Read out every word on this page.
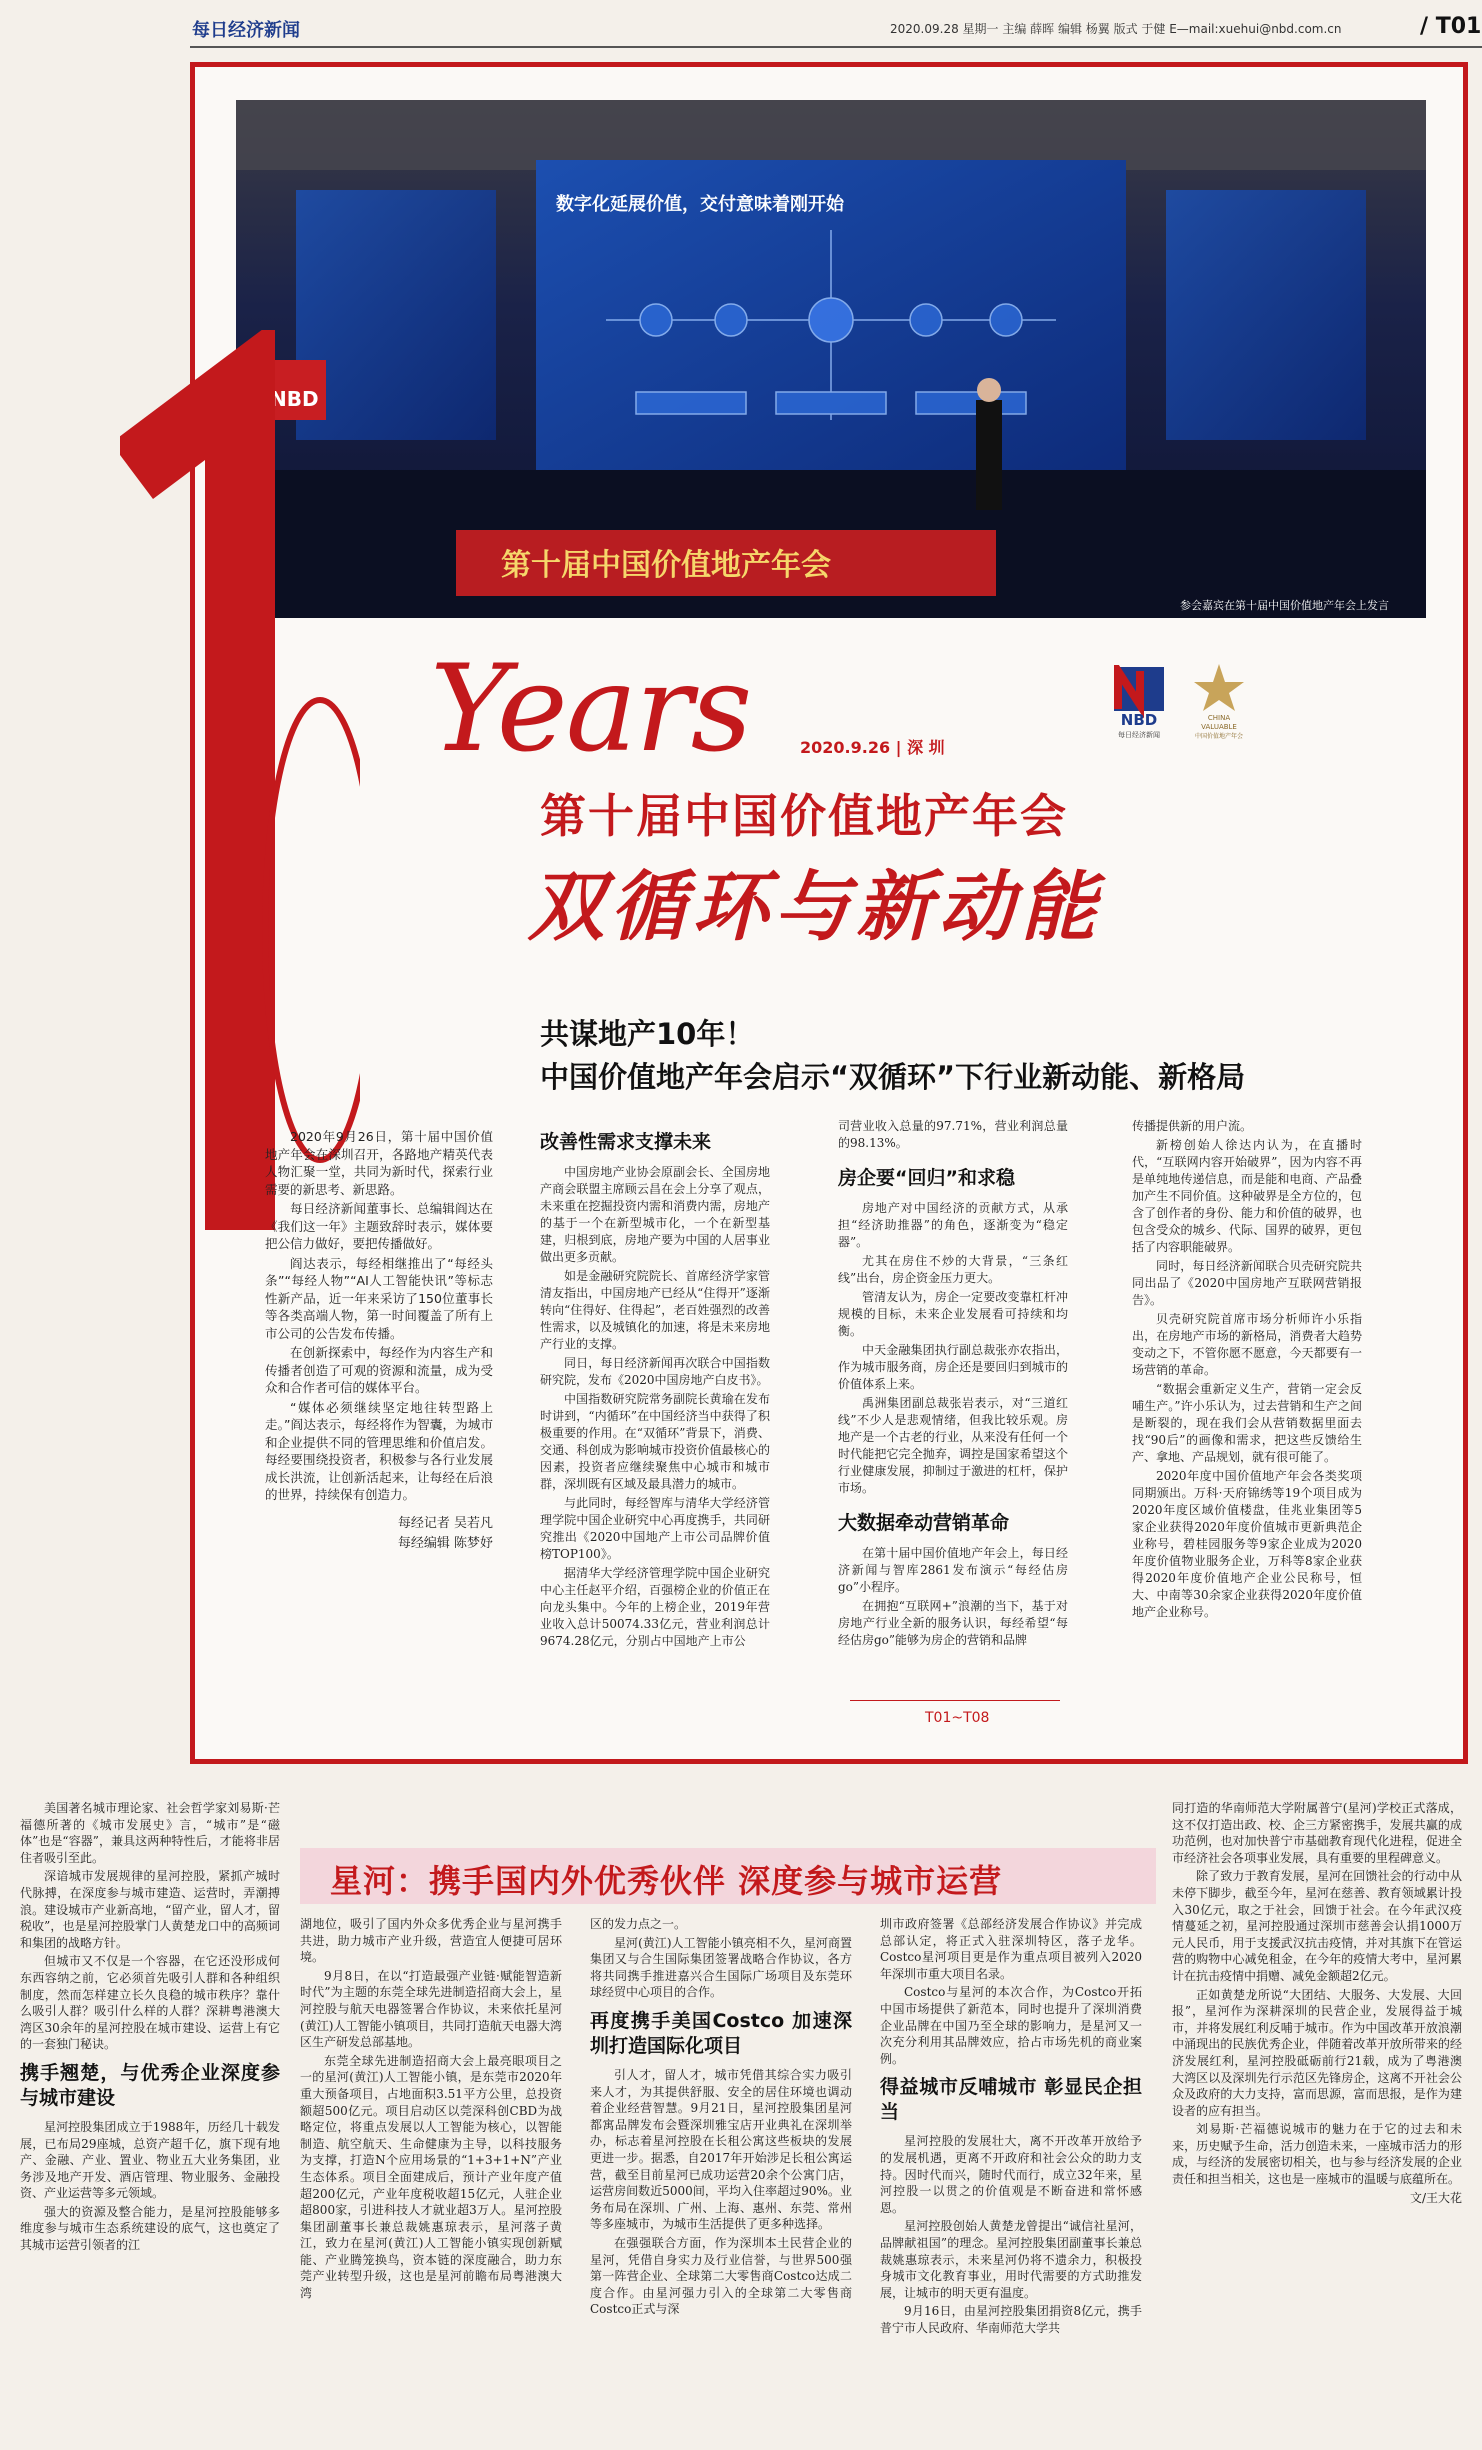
每日经济新闻	2020.09.28 星期一 主编 薛晖 编辑 杨翼 版式 于健 E—mail:xuehui@nbd.com.cn	/ T01
数字化延展价值，交付意味着刚开始
第十届中国价值地产年会
NBD
参会嘉宾在第十届中国价值地产年会上发言
Years	2020.9.26 | 深 圳
NBD
每日经济新闻
CHINA
VALUABLE
中国价值地产年会
第十届中国价值地产年会
双循环与新动能
共谋地产10年！
中国价值地产年会启示“双循环”下行业新动能、新格局

2020年9月26日，第十届中国价值地产年会在深圳召开，各路地产精英代表人物汇聚一堂，共同为新时代，探索行业需要的新思考、新思路。

每日经济新闻董事长、总编辑阎达在《我们这一年》主题致辞时表示，媒体要把公信力做好，要把传播做好。

阎达表示，每经相继推出了“每经头条”“每经人物”“AI人工智能快讯”等标志性新产品，近一年来采访了150位董事长等各类高端人物，第一时间覆盖了所有上市公司的公告发布传播。

在创新探索中，每经作为内容生产和传播者创造了可观的资源和流量，成为受众和合作者可信的媒体平台。

“媒体必须继续坚定地往转型路上走。”阎达表示，每经将作为智囊，为城市和企业提供不同的管理思维和价值启发。每经要围绕投资者，积极参与各行业发展成长洪流，让创新活起来，让每经在后浪的世界，持续保有创造力。

每经记者 吴若凡
每经编辑 陈梦妤
改善性需求支撑未来

中国房地产业协会原副会长、全国房地产商会联盟主席顾云昌在会上分享了观点，未来重在挖掘投资内需和消费内需，房地产的基于一个在新型城市化，一个在新型基建，归根到底，房地产要为中国的人居事业做出更多贡献。

如是金融研究院院长、首席经济学家管清友指出，中国房地产已经从“住得开”逐渐转向“住得好、住得起”，老百姓强烈的改善性需求，以及城镇化的加速，将是未来房地产行业的支撑。

同日，每日经济新闻再次联合中国指数研究院，发布《2020中国房地产白皮书》。

中国指数研究院常务副院长黄瑜在发布时讲到，“内循环”在中国经济当中获得了积极重要的作用。在“双循环”背景下，消费、交通、科创成为影响城市投资价值最核心的因素，投资者应继续聚焦中心城市和城市群，深圳既有区域及最具潜力的城市。

与此同时，每经智库与清华大学经济管理学院中国企业研究中心再度携手，共同研究推出《2020中国地产上市公司品牌价值榜TOP100》。

据清华大学经济管理学院中国企业研究中心主任赵平介绍，百强榜企业的价值正在向龙头集中。今年的上榜企业，2019年营业收入总计50074.33亿元，营业利润总计9674.28亿元，分别占中国地产上市公

司营业收入总量的97.71%，营业利润总量的98.13%。

房企要“回归”和求稳

房地产对中国经济的贡献方式，从承担“经济助推器”的角色，逐渐变为“稳定器”。

尤其在房住不炒的大背景，“三条红线”出台，房企资金压力更大。

管清友认为，房企一定要改变靠杠杆冲规模的目标，未来企业发展看可持续和均衡。

中天金融集团执行副总裁张亦农指出，作为城市服务商，房企还是要回归到城市的价值体系上来。

禹洲集团副总裁张岩表示，对“三道红线”不少人是悲观情绪，但我比较乐观。房地产是一个古老的行业，从来没有任何一个时代能把它完全抛弃，调控是国家希望这个行业健康发展，抑制过于激进的杠杆，保护市场。

大数据牵动营销革命

在第十届中国价值地产年会上，每日经济新闻与智库2861发布演示“每经估房go”小程序。

在拥抱“互联网+”浪潮的当下，基于对房地产行业全新的服务认识，每经希望“每经估房go”能够为房企的营销和品牌

传播提供新的用户流。

新榜创始人徐达内认为，在直播时代，“互联网内容开始破界”，因为内容不再是单纯地传递信息，而是能和电商、产品叠加产生不同价值。这种破界是全方位的，包含了创作者的身份、能力和价值的破界，也包含受众的城乡、代际、国界的破界，更包括了内容职能破界。

同时，每日经济新闻联合贝壳研究院共同出品了《2020中国房地产互联网营销报告》。

贝壳研究院首席市场分析师许小乐指出，在房地产市场的新格局，消费者大趋势变动之下，不管你愿不愿意，今天都要有一场营销的革命。

“数据会重新定义生产，营销一定会反哺生产。”许小乐认为，过去营销和生产之间是断裂的，现在我们会从营销数据里面去找“90后”的画像和需求，把这些反馈给生产、拿地、产品规划，就有很可能了。

2020年度中国价值地产年会各类奖项同期颁出。万科·天府锦绣等19个项目成为2020年度区域价值楼盘，佳兆业集团等5家企业获得2020年度价值城市更新典范企业称号，碧桂园服务等9家企业成为2020年度价值物业服务企业，万科等8家企业获得2020年度价值地产企业公民称号，恒大、中南等30余家企业获得2020年度价值地产企业称号。

T01~T08
星河：携手国内外优秀伙伴 深度参与城市运营

美国著名城市理论家、社会哲学家刘易斯·芒福德所著的《城市发展史》言，“城市”是“磁体”也是“容器”，兼具这两种特性后，才能将非居住者吸引至此。

深谙城市发展规律的星河控股，紧抓产城时代脉搏，在深度参与城市建造、运营时，弄潮搏浪。建设城市产业新高地，“留产业，留人才，留税收”，也是星河控股掌门人黄楚龙口中的高频词和集团的战略方针。

但城市又不仅是一个容器，在它还没形成何东西容纳之前，它必须首先吸引人群和各种组织制度，然而怎样建立长久良稳的城市秩序？靠什么吸引人群？吸引什么样的人群？深耕粤港澳大湾区30余年的星河控股在城市建设、运营上有它的一套独门秘诀。

携手翘楚，与优秀企业深度参与城市建设

星河控股集团成立于1988年，历经几十载发展，已布局29座城，总资产超千亿，旗下现有地产、金融、产业、置业、物业五大业务集团，业务涉及地产开发、酒店管理、物业服务、金融投资、产业运营等多元领域。

强大的资源及整合能力，是星河控股能够多维度参与城市生态系统建设的底气，这也奠定了其城市运营引领者的江

湖地位，吸引了国内外众多优秀企业与星河携手共进，助力城市产业升级，营造宜人便捷可居环境。

9月8日，在以“打造最强产业链·赋能智造新时代”为主题的东莞全球先进制造招商大会上，星河控股与航天电器签署合作协议，未来依托星河(黄江)人工智能小镇项目，共同打造航天电器大湾区生产研发总部基地。

东莞全球先进制造招商大会上最亮眼项目之一的星河(黄江)人工智能小镇，是东莞市2020年重大预备项目，占地面积3.51平方公里，总投资额超500亿元。项目启动区以莞深科创CBD为战略定位，将重点发展以人工智能为核心，以智能制造、航空航天、生命健康为主导，以科技服务为支撑，打造N个应用场景的“1+3+1+N”产业生态体系。项目全面建成后，预计产业年度产值超200亿元，产业年度税收超15亿元，人驻企业超800家，引进科技人才就业超3万人。星河控股集团副董事长兼总裁姚惠琼表示，星河落子黄江，致力在星河(黄江)人工智能小镇实现创新赋能、产业腾笼换鸟，资本链的深度融合，助力东莞产业转型升级，这也是星河前瞻布局粤港澳大湾

区的发力点之一。

星河(黄江)人工智能小镇亮相不久，星河商置集团又与合生国际集团签署战略合作协议，各方将共同携手推进嘉兴合生国际广场项目及东莞环球经贸中心项目的合作。

再度携手美国Costco 加速深圳打造国际化项目

引人才，留人才，城市凭借其综合实力吸引来人才，为其提供舒服、安全的居住环境也调动着企业经营智慧。9月21日，星河控股集团星河都寓品牌发布会暨深圳雅宝店开业典礼在深圳举办，标志着星河控股在长租公寓这些板块的发展更进一步。据悉，自2017年开始涉足长租公寓运营，截至目前星河已成功运营20余个公寓门店，运营房间数近5000间，平均入住率超过90%。业务布局在深圳、广州、上海、惠州、东莞、常州等多座城市，为城市生活提供了更多种选择。

在强强联合方面，作为深圳本土民营企业的星河，凭借自身实力及行业信誉，与世界500强第一阵营企业、全球第二大零售商Costco达成二度合作。由星河强力引入的全球第二大零售商Costco正式与深

圳市政府签署《总部经济发展合作协议》并完成总部认定，将正式入驻深圳特区，落子龙华。Costco星河项目更是作为重点项目被列入2020年深圳市重大项目名录。

Costco与星河的本次合作，为Costco开拓中国市场提供了新范本，同时也提升了深圳消费企业品牌在中国乃至全球的影响力，是星河又一次充分利用其品牌效应，拾占市场先机的商业案例。

得益城市反哺城市 彰显民企担当

星河控股的发展壮大，离不开改革开放给予的发展机遇，更离不开政府和社会公众的助力支持。因时代而兴，随时代而行，成立32年来，星河控股一以贯之的价值观是不断奋进和常怀感恩。

星河控股创始人黄楚龙曾提出“诚信社星河，品牌献祖国”的理念。星河控股集团副董事长兼总裁姚惠琼表示，未来星河仍将不遗余力，积极投身城市文化教育事业，用时代需要的方式助推发展，让城市的明天更有温度。

9月16日，由星河控股集团捐资8亿元，携手普宁市人民政府、华南师范大学共

同打造的华南师范大学附属普宁(星河)学校正式落成，这不仅打造出政、校、企三方紧密携手，发展共赢的成功范例，也对加快普宁市基础教育现代化进程，促进全市经济社会各项事业发展，具有重要的里程碑意义。

除了致力于教育发展，星河在回馈社会的行动中从未停下脚步，截至今年，星河在慈善、教育领域累计投入30亿元，取之于社会，回馈于社会。在今年武汉疫情蔓延之初，星河控股通过深圳市慈善会认捐1000万元人民币，用于支援武汉抗击疫情，并对其旗下在管运营的购物中心减免租金，在今年的疫情大考中，星河累计在抗击疫情中捐赠、减免金额超2亿元。

正如黄楚龙所说“大团结、大服务、大发展、大回报”，星河作为深耕深圳的民营企业，发展得益于城市，并将发展红利反哺于城市。作为中国改革开放浪潮中涌现出的民族优秀企业，伴随着改革开放所带来的经济发展红利，星河控股砥砺前行21载，成为了粤港澳大湾区以及深圳先行示范区先锋房企，这离不开社会公众及政府的大力支持，富而思源，富而思报，是作为建设者的应有担当。

刘易斯·芒福德说城市的魅力在于它的过去和未来，历史赋予生命，活力创造未来，一座城市活力的形成，与经济的发展密切相关，也与参与经济发展的企业责任和担当相关，这也是一座城市的温暖与底蕴所在。

文/王大花
